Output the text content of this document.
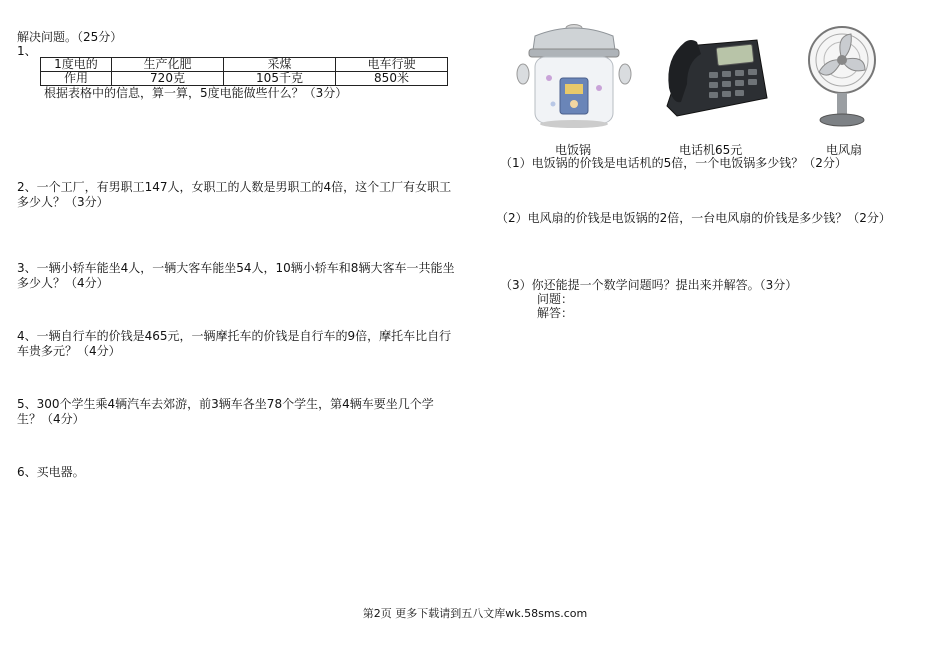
解决问题。（25分）
1、
1度电的	生产化肥	采煤	电车行驶
作用	720克	105千克	850米
根据表格中的信息，算一算，5度电能做些什么？（3分）
2、一个工厂，有男职工147人，女职工的人数是男职工的4倍，这个工厂有女职工多少人？（3分）
3、一辆小轿车能坐4人，一辆大客车能坐54人，10辆小轿车和8辆大客车一共能坐多少人？（4分）
4、一辆自行车的价钱是465元，一辆摩托车的价钱是自行车的9倍，摩托车比自行车贵多元？（4分）
5、300个学生乘4辆汽车去郊游，前3辆车各坐78个学生，第4辆车要坐几个学生？（4分）
6、买电器。
电饭锅	电话机65元	电风扇
（1）电饭锅的价钱是电话机的5倍，一个电饭锅多少钱？（2分）
（2）电风扇的价钱是电饭锅的2倍，一台电风扇的价钱是多少钱？（2分）
（3）你还能提一个数学问题吗？提出来并解答。（3分）
问题：
解答：
第2页 更多下载请到五八文库wk.58sms.com
